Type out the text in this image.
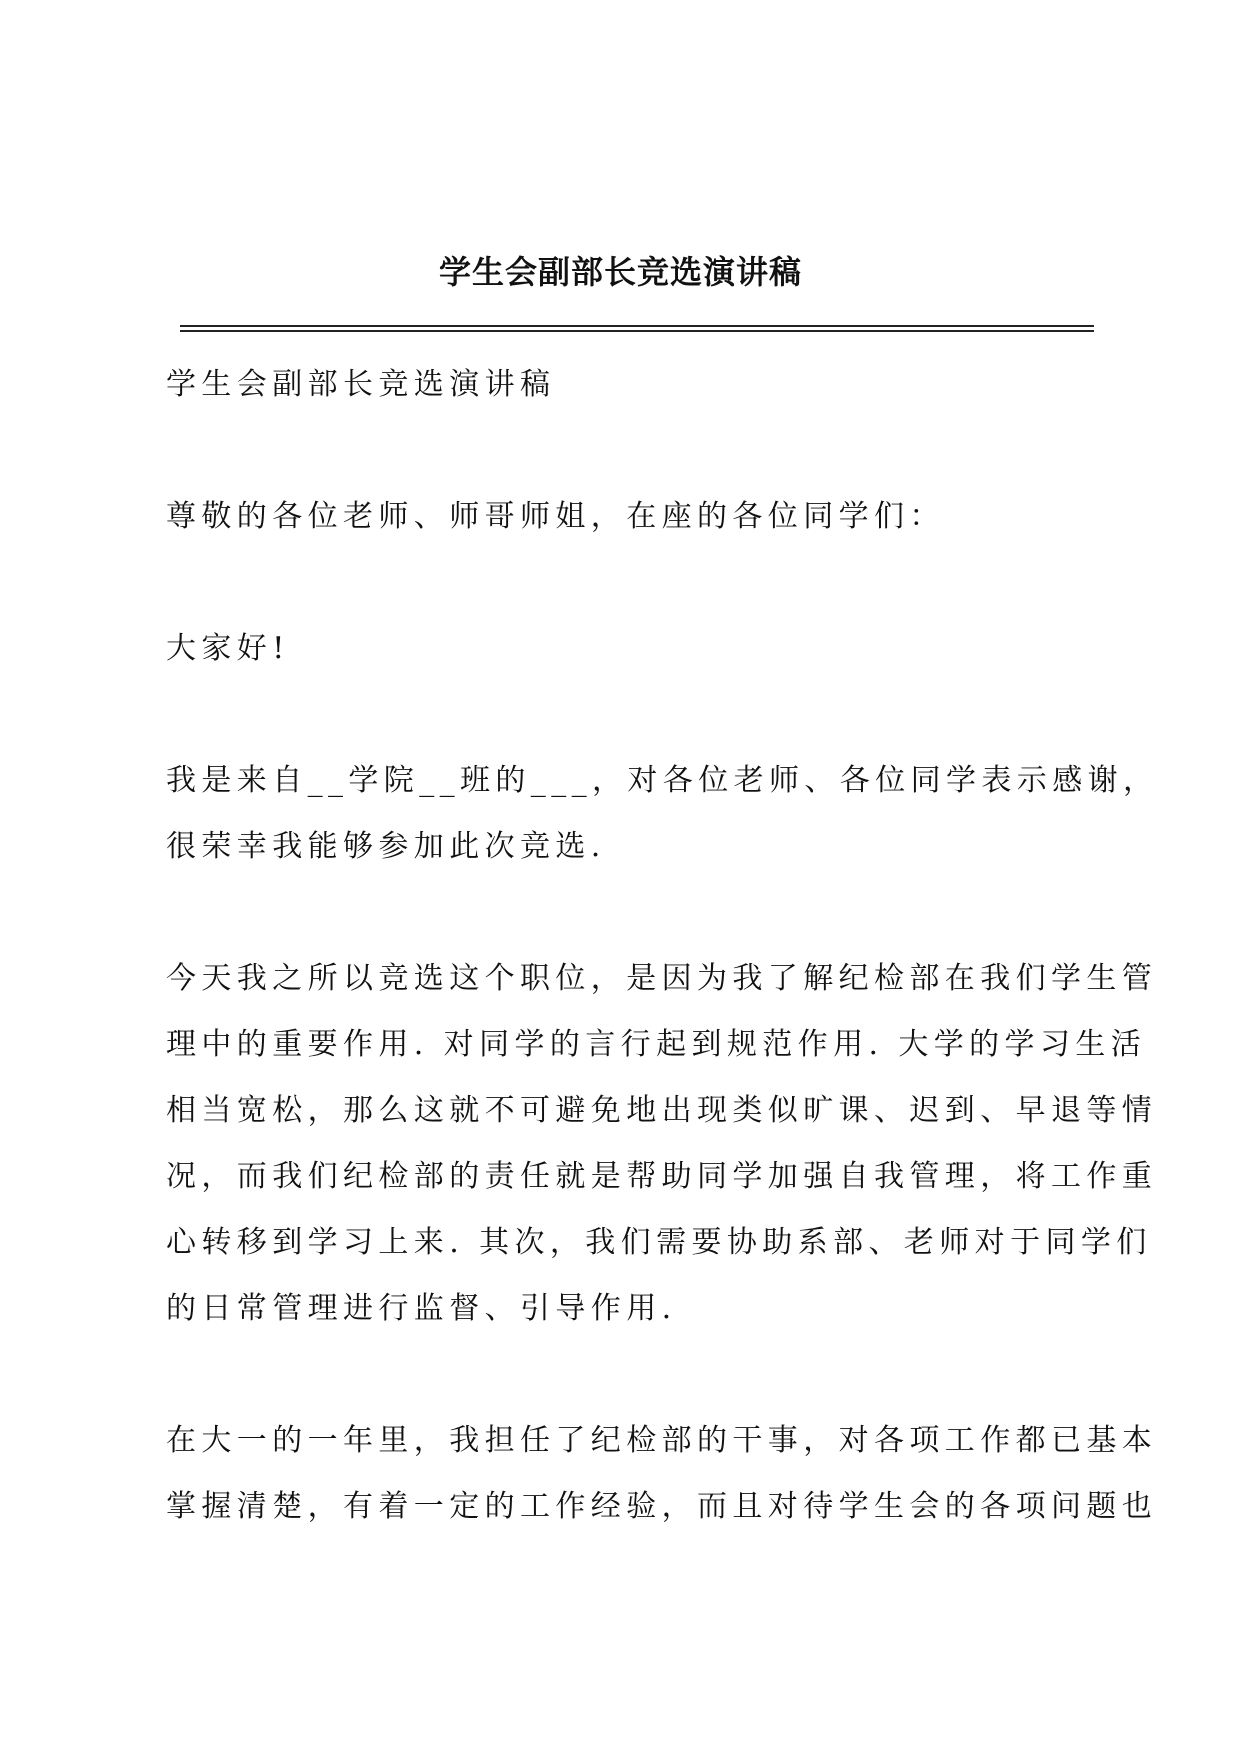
学生会副部长竞选演讲稿

学生会副部长竞选演讲稿

尊敬的各位老师、师哥师姐，在座的各位同学们：

大家好!

我是来自__学院__班的___，对各位老师、各位同学表示感谢，
很荣幸我能够参加此次竞选.

今天我之所以竞选这个职位，是因为我了解纪检部在我们学生管
理中的重要作用. 对同学的言行起到规范作用. 大学的学习生活
相当宽松，那么这就不可避免地出现类似旷课、迟到、早退等情
况，而我们纪检部的责任就是帮助同学加强自我管理，将工作重
心转移到学习上来. 其次，我们需要协助系部、老师对于同学们
的日常管理进行监督、引导作用.

在大一的一年里，我担任了纪检部的干事，对各项工作都已基本
掌握清楚，有着一定的工作经验，而且对待学生会的各项问题也
